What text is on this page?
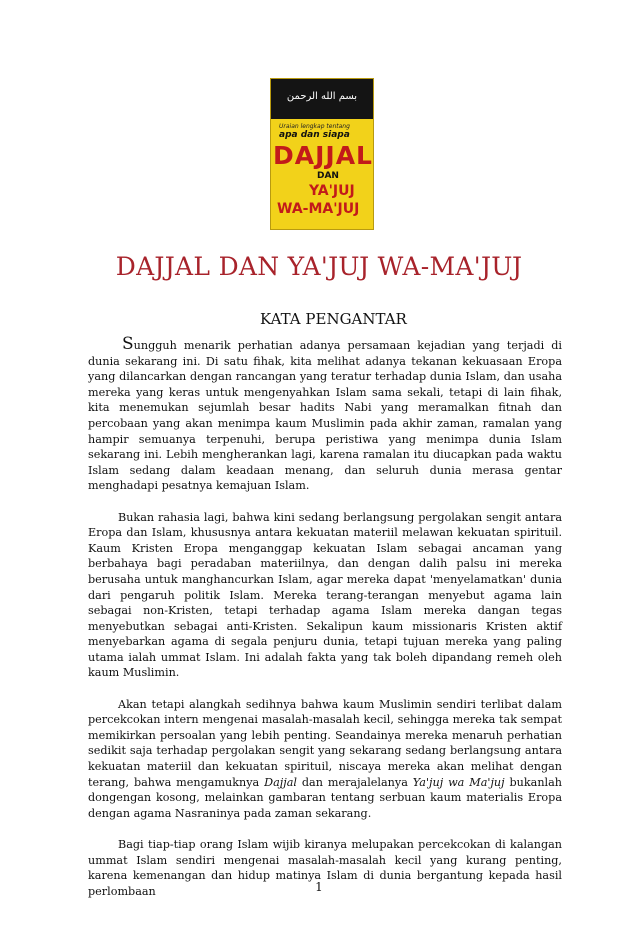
بسم الله الرحمن
Uraian lengkap tentang
apa dan siapa
DAJJAL
DAN
YA'JUJ
WA-MA'JUJ
DAJJAL DAN YA'JUJ WA-MA'JUJ
KATA PENGANTAR

Sungguh menarik perhatian adanya persamaan kejadian yang terjadi di dunia sekarang ini. Di satu fihak, kita melihat adanya tekanan kekuasaan Eropa yang dilancarkan dengan rancangan yang teratur terhadap dunia Islam, dan usaha mereka yang keras untuk mengenyahkan Islam sama sekali, tetapi di lain fihak, kita menemukan sejumlah besar hadits Nabi yang meramalkan fitnah dan percobaan yang akan menimpa kaum Muslimin pada akhir zaman, ramalan yang hampir semuanya terpenuhi, berupa peristiwa yang menimpa dunia Islam sekarang ini. Lebih mengherankan lagi, karena ramalan itu diucapkan pada waktu Islam sedang dalam keadaan menang, dan seluruh dunia merasa gentar menghadapi pesatnya kemajuan Islam.

Bukan rahasia lagi, bahwa kini sedang berlangsung pergolakan sengit antara Eropa dan Islam, khususnya antara kekuatan materiil melawan kekuatan spirituil. Kaum Kristen Eropa menganggap kekuatan Islam sebagai ancaman yang berbahaya bagi peradaban materiilnya, dan dengan dalih palsu ini mereka berusaha untuk manghancurkan Islam, agar mereka dapat 'menyelamatkan' dunia dari pengaruh politik Islam. Mereka terang-terangan menyebut agama lain sebagai non-Kristen, tetapi terhadap agama Islam mereka dangan tegas menyebutkan sebagai anti-Kristen. Sekalipun kaum missionaris Kristen aktif menyebarkan agama di segala penjuru dunia, tetapi tujuan mereka yang paling utama ialah ummat Islam. Ini adalah fakta yang tak boleh dipandang remeh oleh kaum Muslimin.

Akan tetapi alangkah sedihnya bahwa kaum Muslimin sendiri terlibat dalam percekcokan intern mengenai masalah-masalah kecil, sehingga mereka tak sempat memikirkan persoalan yang lebih penting. Seandainya mereka menaruh perhatian sedikit saja terhadap pergolakan sengit yang sekarang sedang berlangsung antara kekuatan materiil dan kekuatan spirituil, niscaya mereka akan melihat dengan terang, bahwa mengamuknya Dajjal dan merajalelanya Ya'juj wa Ma'juj bukanlah dongengan kosong, melainkan gambaran tentang serbuan kaum materialis Eropa dengan agama Nasraninya pada zaman sekarang.

Bagi tiap-tiap orang Islam wijib kiranya melupakan percekcokan di kalangan ummat Islam sendiri mengenai masalah-masalah kecil yang kurang penting, karena kemenangan dan hidup matinya Islam di dunia bergantung kepada hasil perlombaan	1
